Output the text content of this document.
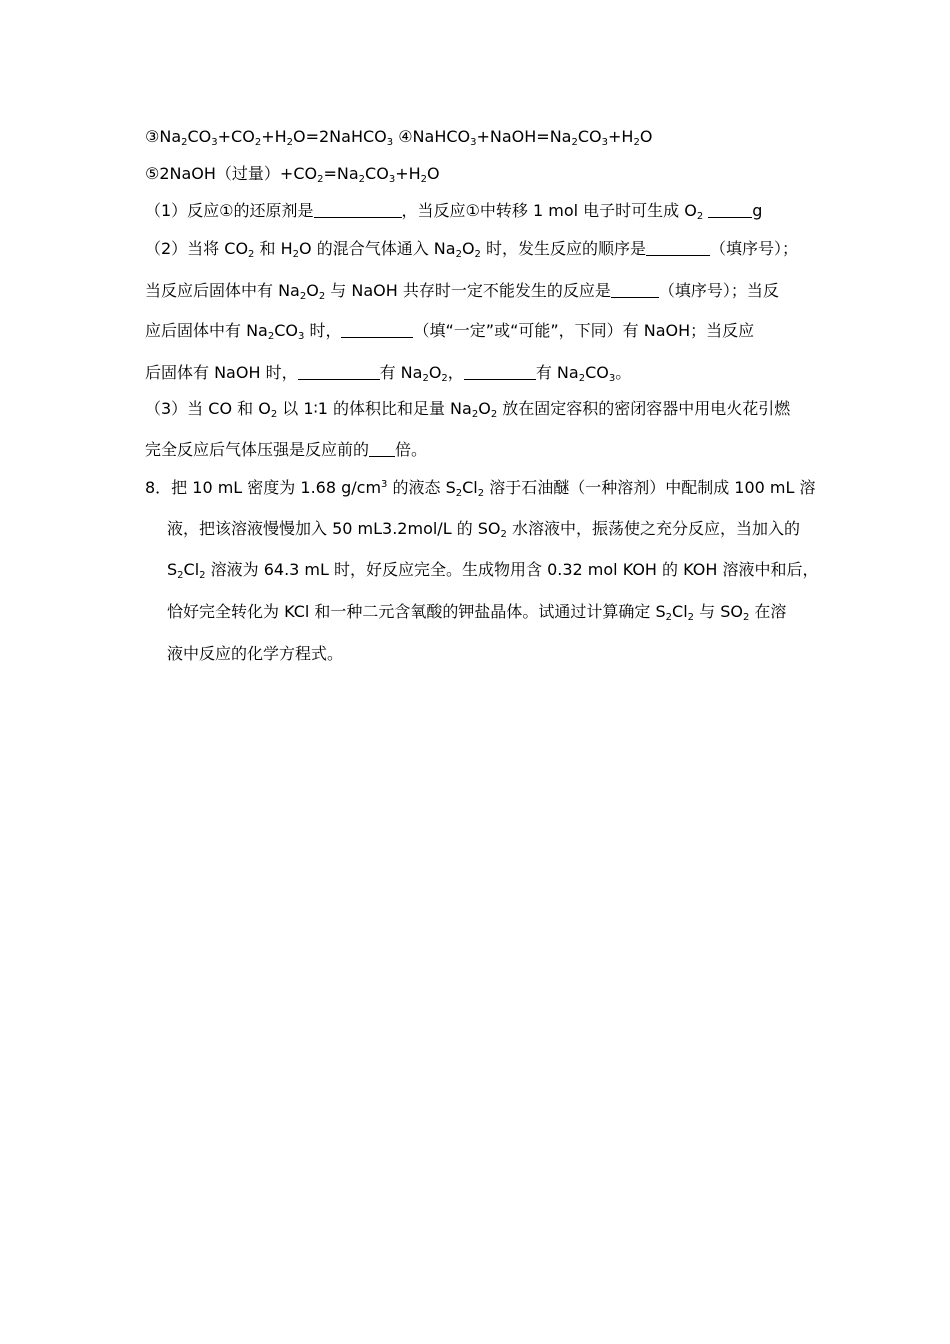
$③Na_2CO_3+CO_2+H_2O=2NaHCO_3$ $④NaHCO_3+NaOH=Na_2CO_3+H_2O$
⑤2NaOH（过量）$+CO_2=Na_2CO_3+H_2O$
（1）反应①的还原剂是	，当反应①中转移 1 mol 电子时可生成 $O_2$	g
（2）当将 $CO_2$ 和 $H_2O$ 的混合气体通入 $Na_2O_2$ 时，发生反应的顺序是	（填序号）；
当反应后固体中有 $Na_2O_2$ 与 NaOH 共存时一定不能发生的反应是	（填序号）；当反
应后固体中有 $Na_2CO_3$ 时，	（填“一定”或“可能”，下同）有 NaOH；当反应
后固体有 NaOH 时，	有 $Na_2O_2$，	有 $Na_2CO_3$。
（3）当 CO 和 $O_2$ 以 1∶1 的体积比和足量 $Na_2O_2$ 放在固定容积的密闭容器中用电火花引燃
完全反应后气体压强是反应前的 倍。
8．把 10 mL 密度为 1.68 $g/cm^3$ 的液态 $S_2Cl_2$ 溶于石油醚（一种溶剂）中配制成 100 mL 溶
液，把该溶液慢慢加入 50 mL3.2mol/L 的 $SO_2$ 水溶液中，振荡使之充分反应，当加入的
$S_2Cl_2$ 溶液为 64.3 mL 时，好反应完全。生成物用含 0.32 mol KOH 的 KOH 溶液中和后，
恰好完全转化为 KCl 和一种二元含氧酸的钾盐晶体。试通过计算确定 $S_2Cl_2$ 与 $SO_2$ 在溶
液中反应的化学方程式。
